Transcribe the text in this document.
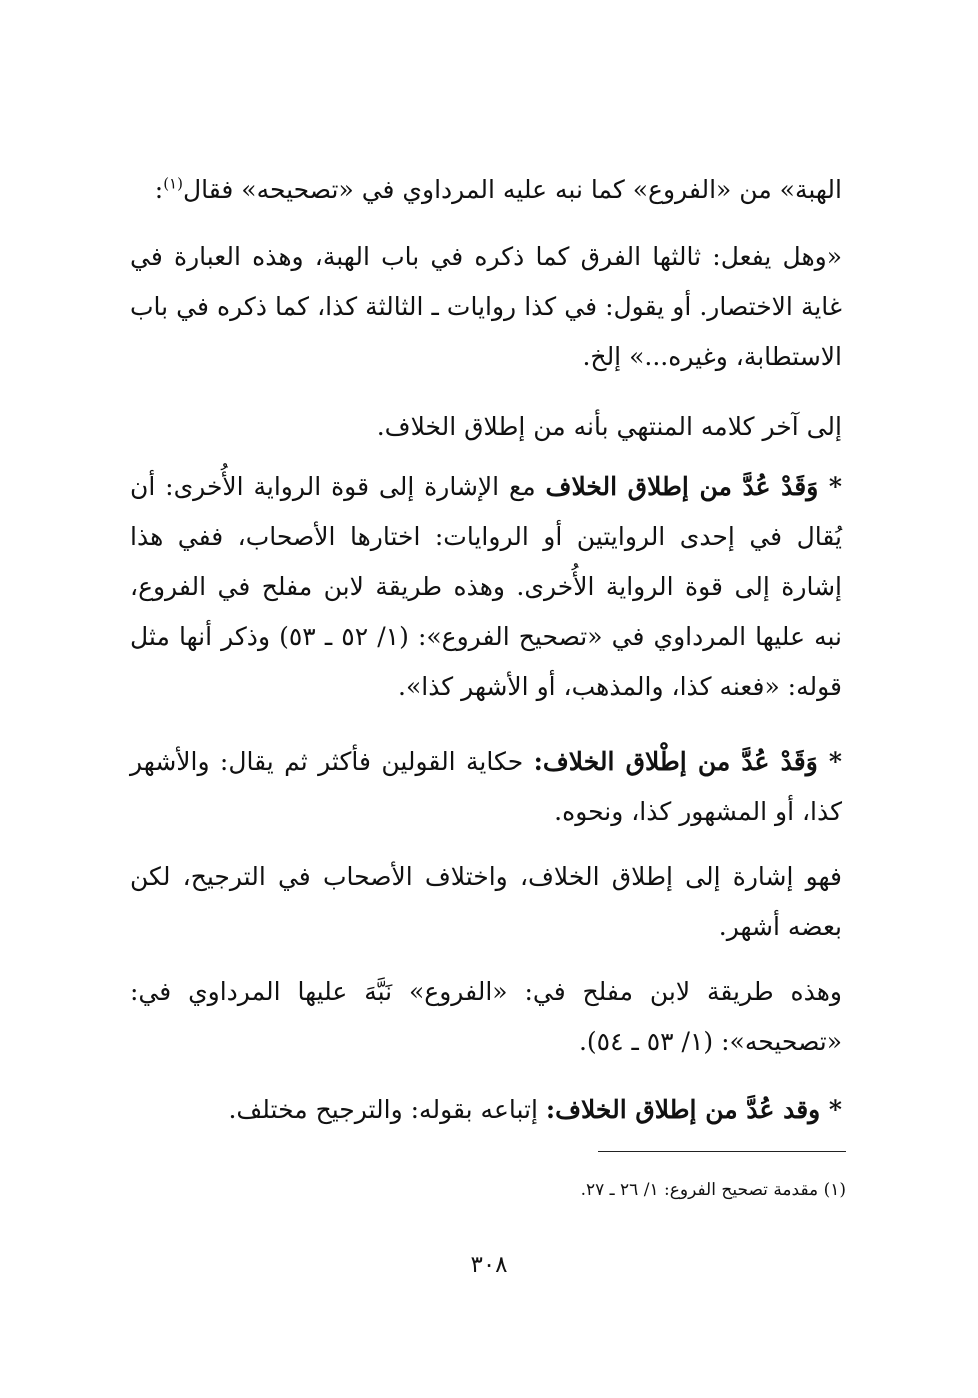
الهبة» من «الفروع» كما نبه عليه المرداوي في «تصحيحه» فقال$^{(١)}$:

«وهل يفعل: ثالثها الفرق كما ذكره في باب الهبة، وهذه العبارة في غاية الاختصار. أو يقول: في كذا روايات ـ الثالثة كذا، كما ذكره في باب الاستطابة، وغيره...» إلخ.

إلى آخر كلامه المنتهي بأنه من إطلاق الخلاف.

* وَقَدْ عُدَّ من إطلاق الخلاف مع الإشارة إلى قوة الرواية الأُخرى: أن يُقال في إحدى الروايتين أو الروايات: اختارها الأصحاب، ففي هذا إشارة إلى قوة الرواية الأُخرى. وهذه طريقة لابن مفلح في الفروع، نبه عليها المرداوي في «تصحيح الفروع»: (١/ ٥٢ ـ ٥٣) وذكر أنها مثل قوله: «فعنه كذا، والمذهب، أو الأشهر كذا».

* وَقَدْ عُدَّ من إطْلاق الخلاف: حكاية القولين فأكثر ثم يقال: والأشهر كذا، أو المشهور كذا، ونحوه.

فهو إشارة إلى إطلاق الخلاف، واختلاف الأصحاب في الترجيح، لكن بعضه أشهر.

وهذه طريقة لابن مفلح في: «الفروع» نَبَّهَ عليها المرداوي في: «تصحيحه»: (١/ ٥٣ ـ ٥٤).

* وقد عُدَّ من إطلاق الخلاف: إتباعه بقوله: والترجيح مختلف.

(١) مقدمة تصحيح الفروع: ١/ ٢٦ ـ ٢٧.
٣٠٨
